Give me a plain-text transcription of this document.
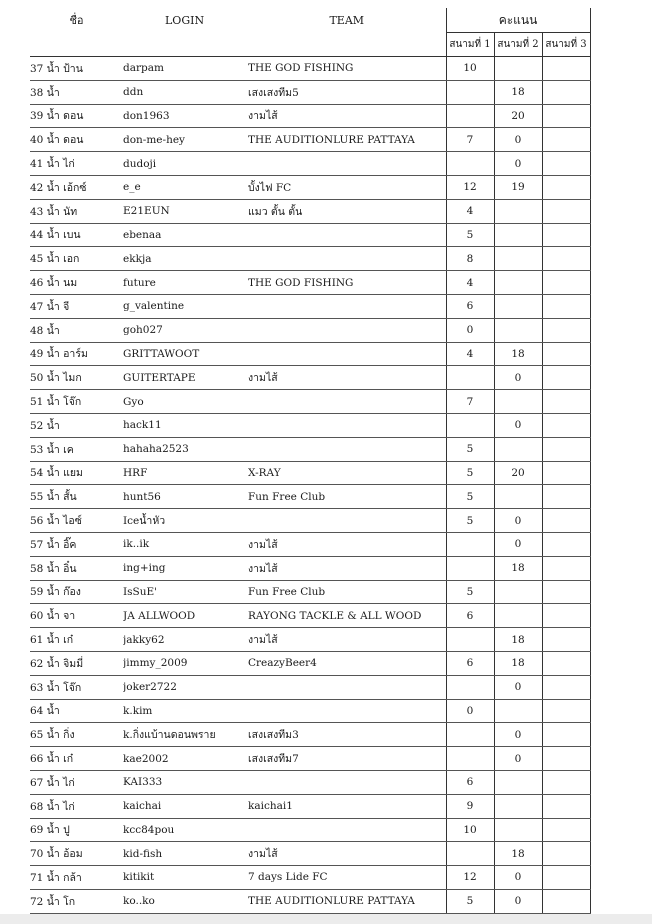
ชื่อ	LOGIN	TEAM	คะแนน		
			สนามที่ 1	สนามที่ 2	สนามที่ 3
37 น้ำ ป้าน	darpam	THE GOD FISHING	10		
38 น้ำ	ddn	เสงเสงทีม5		18	
39 น้ำ ดอน	don1963	งามไส้		20	
40 น้ำ ดอน	don-me-hey	THE AUDITIONLURE PATTAYA	7	0	
41 น้ำ ไก่	dudoji			0	
42 น้ำ เอ้กซ์	e_e	บั้งไฟ FC	12	19	
43 น้ำ นัท	E21EUN	แมว ตั้น ตั้น	4		
44 น้ำ เบน	ebenaa		5		
45 น้ำ เอก	ekkja		8		
46 น้ำ นม	future	THE GOD FISHING	4		
47 น้ำ จี	g_valentine		6		
48 น้ำ	goh027		0		
49 น้ำ อาร์ม	GRITTAWOOT		4	18	
50 น้ำ ไมก	GUITERTAPE	งามไส้		0	
51 น้ำ โจ๊ก	Gyo		7		
52 น้ำ	hack11			0	
53 น้ำ เค	hahaha2523		5		
54 น้ำ แยม	HRF	X-RAY	5	20	
55 น้ำ สั้น	hunt56	Fun Free Club	5		
56 น้ำ ไอซ์	Iceน้ำหัว		5	0	
57 น้ำ อิ๊ค	ik..ik	งามไส้		0	
58 น้ำ อิ๋น	ing+ing	งามไส้		18	
59 น้ำ ก๊อง	IsSuE'	Fun Free Club	5		
60 น้ำ จา	JA ALLWOOD	RAYONG TACKLE & ALL WOOD	6		
61 น้ำ เก๋	jakky62	งามไส้		18	
62 น้ำ จิมมี่	jimmy_2009	CreazyBeer4	6	18	
63 น้ำ โจ๊ก	joker2722			0	
64 น้ำ	k.kim		0		
65 น้ำ กิ่ง	k.กิ่งแบ้านดอนพราย	เสงเสงทีม3		0	
66 น้ำ เก๋	kae2002	เสงเสงทีม7		0	
67 น้ำ ไก่	KAI333		6		
68 น้ำ ไก่	kaichai	kaichai1	9		
69 น้ำ ปู	kcc84pou		10		
70 น้ำ อ้อม	kid-fish	งามไส้		18	
71 น้ำ กล้า	kitikit	7 days Lide FC	12	0	
72 น้ำ โก	ko..ko	THE AUDITIONLURE PATTAYA	5	0	
